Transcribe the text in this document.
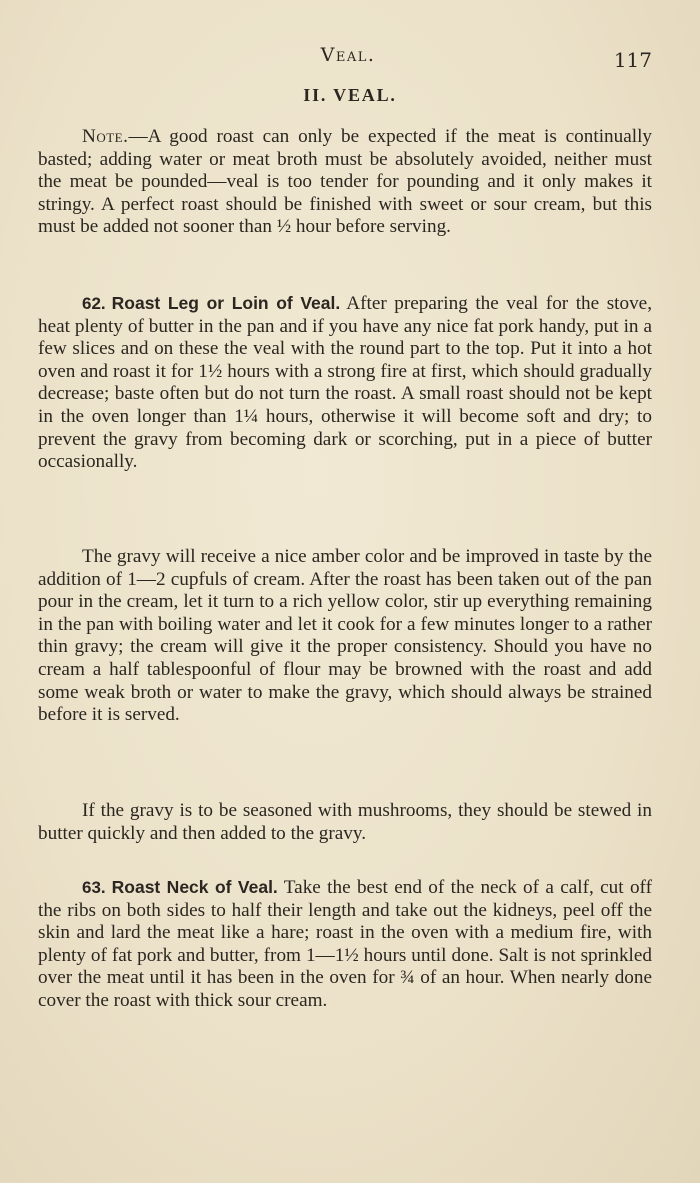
Veal.	117
II. VEAL.

Note.—A good roast can only be expected if the meat is continually basted; adding water or meat broth must be absolutely avoided, neither must the meat be pounded—veal is too tender for pounding and it only makes it stringy. A perfect roast should be finished with sweet or sour cream, but this must be added not sooner than ½ hour before serving.

62. Roast Leg or Loin of Veal. After preparing the veal for the stove, heat plenty of butter in the pan and if you have any nice fat pork handy, put in a few slices and on these the veal with the round part to the top. Put it into a hot oven and roast it for 1½ hours with a strong fire at first, which should gradually decrease; baste often but do not turn the roast. A small roast should not be kept in the oven longer than 1¼ hours, otherwise it will become soft and dry; to prevent the gravy from becoming dark or scorching, put in a piece of butter occasionally.

The gravy will receive a nice amber color and be improved in taste by the addition of 1—2 cupfuls of cream. After the roast has been taken out of the pan pour in the cream, let it turn to a rich yellow color, stir up everything remaining in the pan with boiling water and let it cook for a few minutes longer to a rather thin gravy; the cream will give it the proper consistency. Should you have no cream a half tablespoonful of flour may be browned with the roast and add some weak broth or water to make the gravy, which should always be strained before it is served.

If the gravy is to be seasoned with mushrooms, they should be stewed in butter quickly and then added to the gravy.

63. Roast Neck of Veal. Take the best end of the neck of a calf, cut off the ribs on both sides to half their length and take out the kidneys, peel off the skin and lard the meat like a hare; roast in the oven with a medium fire, with plenty of fat pork and butter, from 1—1½ hours until done. Salt is not sprinkled over the meat until it has been in the oven for ¾ of an hour. When nearly done cover the roast with thick sour cream.
